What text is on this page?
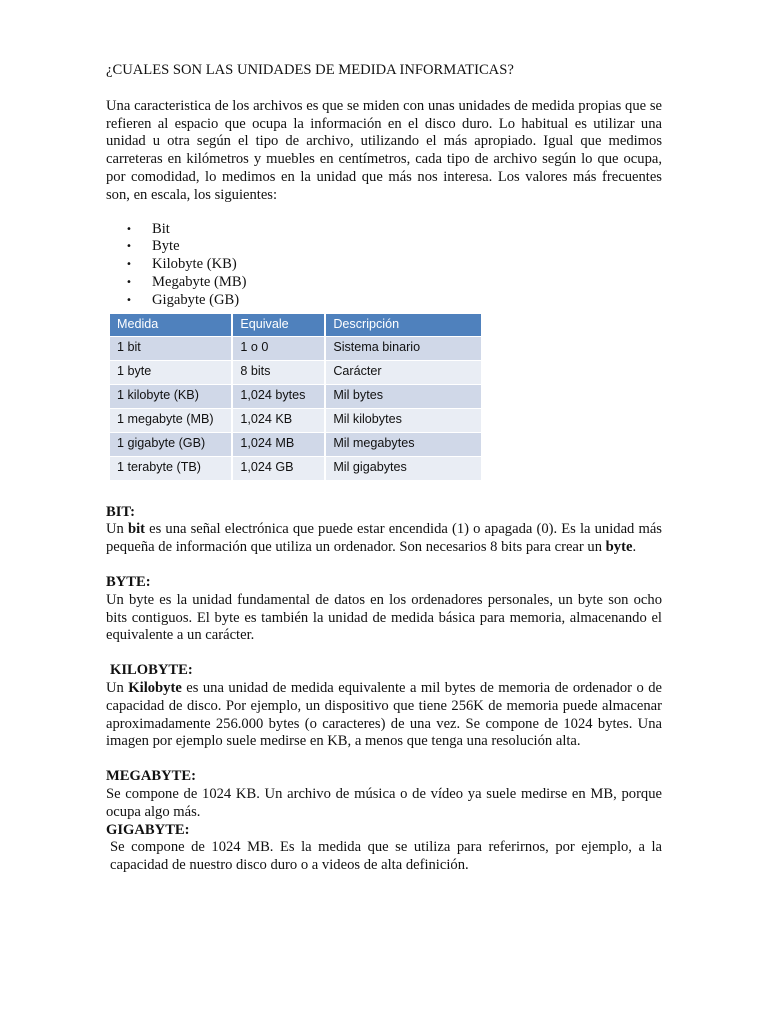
¿CUALES SON LAS UNIDADES DE MEDIDA INFORMATICAS?

Una caracteristica de los archivos es que se miden con unas unidades de medida propias que se refieren al espacio que ocupa la información en el disco duro. Lo habitual es utilizar una unidad u otra según el tipo de archivo, utilizando el más apropiado. Igual que medimos carreteras en kilómetros y muebles en centímetros, cada tipo de archivo según lo que ocupa, por comodidad, lo medimos en la unidad que más nos interesa. Los valores más frecuentes son, en escala, los siguientes:

• Bit
• Byte
• Kilobyte (KB)
• Megabyte (MB)
• Gigabyte (GB)
Medida	Equivale	Descripción
1 bit	1 o 0	Sistema binario
1 byte	8 bits	Carácter
1 kilobyte (KB)	1,024 bytes	Mil bytes
1 megabyte (MB)	1,024 KB	Mil kilobytes
1 gigabyte (GB)	1,024 MB	Mil megabytes
1 terabyte (TB)	1,024 GB	Mil gigabytes
BIT:

Un bit es una señal electrónica que puede estar encendida (1) o apagada (0). Es la unidad más pequeña de información que utiliza un ordenador. Son necesarios 8 bits para crear un byte.

BYTE:

Un byte es la unidad fundamental de datos en los ordenadores personales, un byte son ocho bits contiguos. El byte es también la unidad de medida básica para memoria, almacenando el equivalente a un carácter.

KILOBYTE:

Un Kilobyte es una unidad de medida equivalente a mil bytes de memoria de ordenador o de capacidad de disco. Por ejemplo, un dispositivo que tiene 256K de memoria puede almacenar aproximadamente 256.000 bytes (o caracteres) de una vez. Se compone de 1024 bytes. Una imagen por ejemplo suele medirse en KB, a menos que tenga una resolución alta.

MEGABYTE:

Se compone de 1024 KB. Un archivo de música o de vídeo ya suele medirse en MB, porque ocupa algo más.

GIGABYTE:

Se compone de 1024 MB. Es la medida que se utiliza para referirnos, por ejemplo, a la capacidad de nuestro disco duro o a videos de alta definición.
